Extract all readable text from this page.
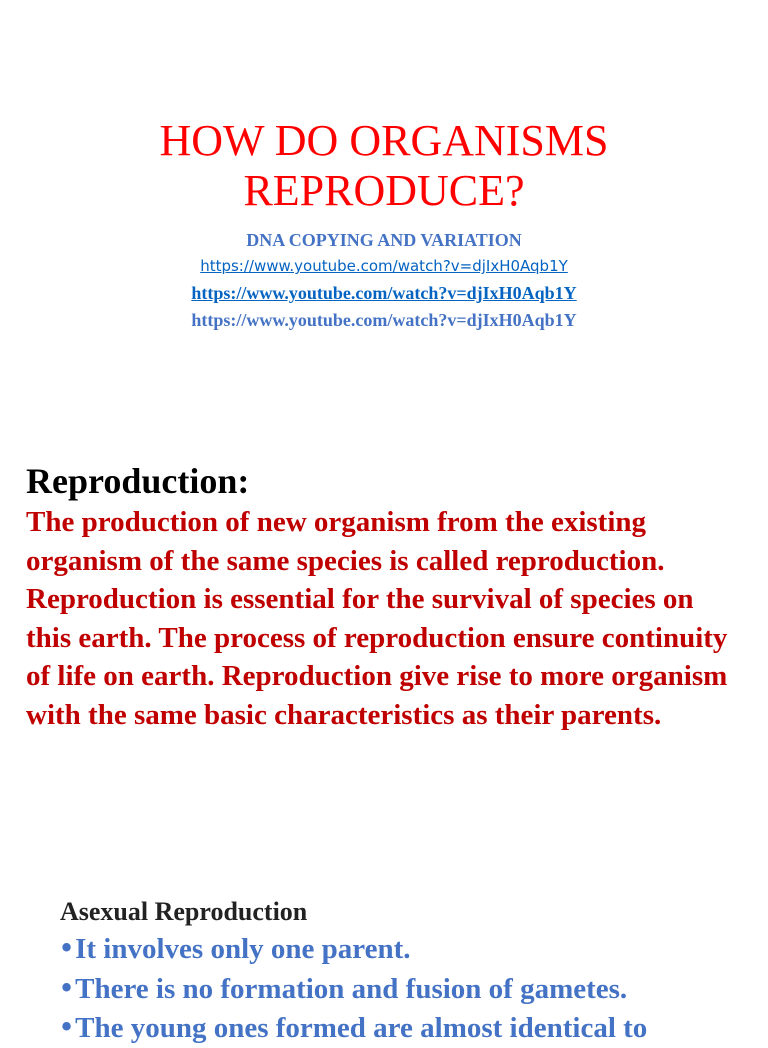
HOW DO ORGANISMS
REPRODUCE?
DNA COPYING AND VARIATION
https://www.youtube.com/watch?v=djIxH0Aqb1Y
https://www.youtube.com/watch?v=djIxH0Aqb1Y
https://www.youtube.com/watch?v=djIxH0Aqb1Y
Reproduction:

The production of new organism from the existing organism of the same species is called reproduction.

Reproduction is essential for the survival of species on this earth. The process of reproduction ensure continuity of life on earth. Reproduction give rise to more organism with the same basic characteristics as their parents.

Asexual Reproduction
•It involves only one parent.
•There is no formation and fusion of gametes.
•The young ones formed are almost identical to
